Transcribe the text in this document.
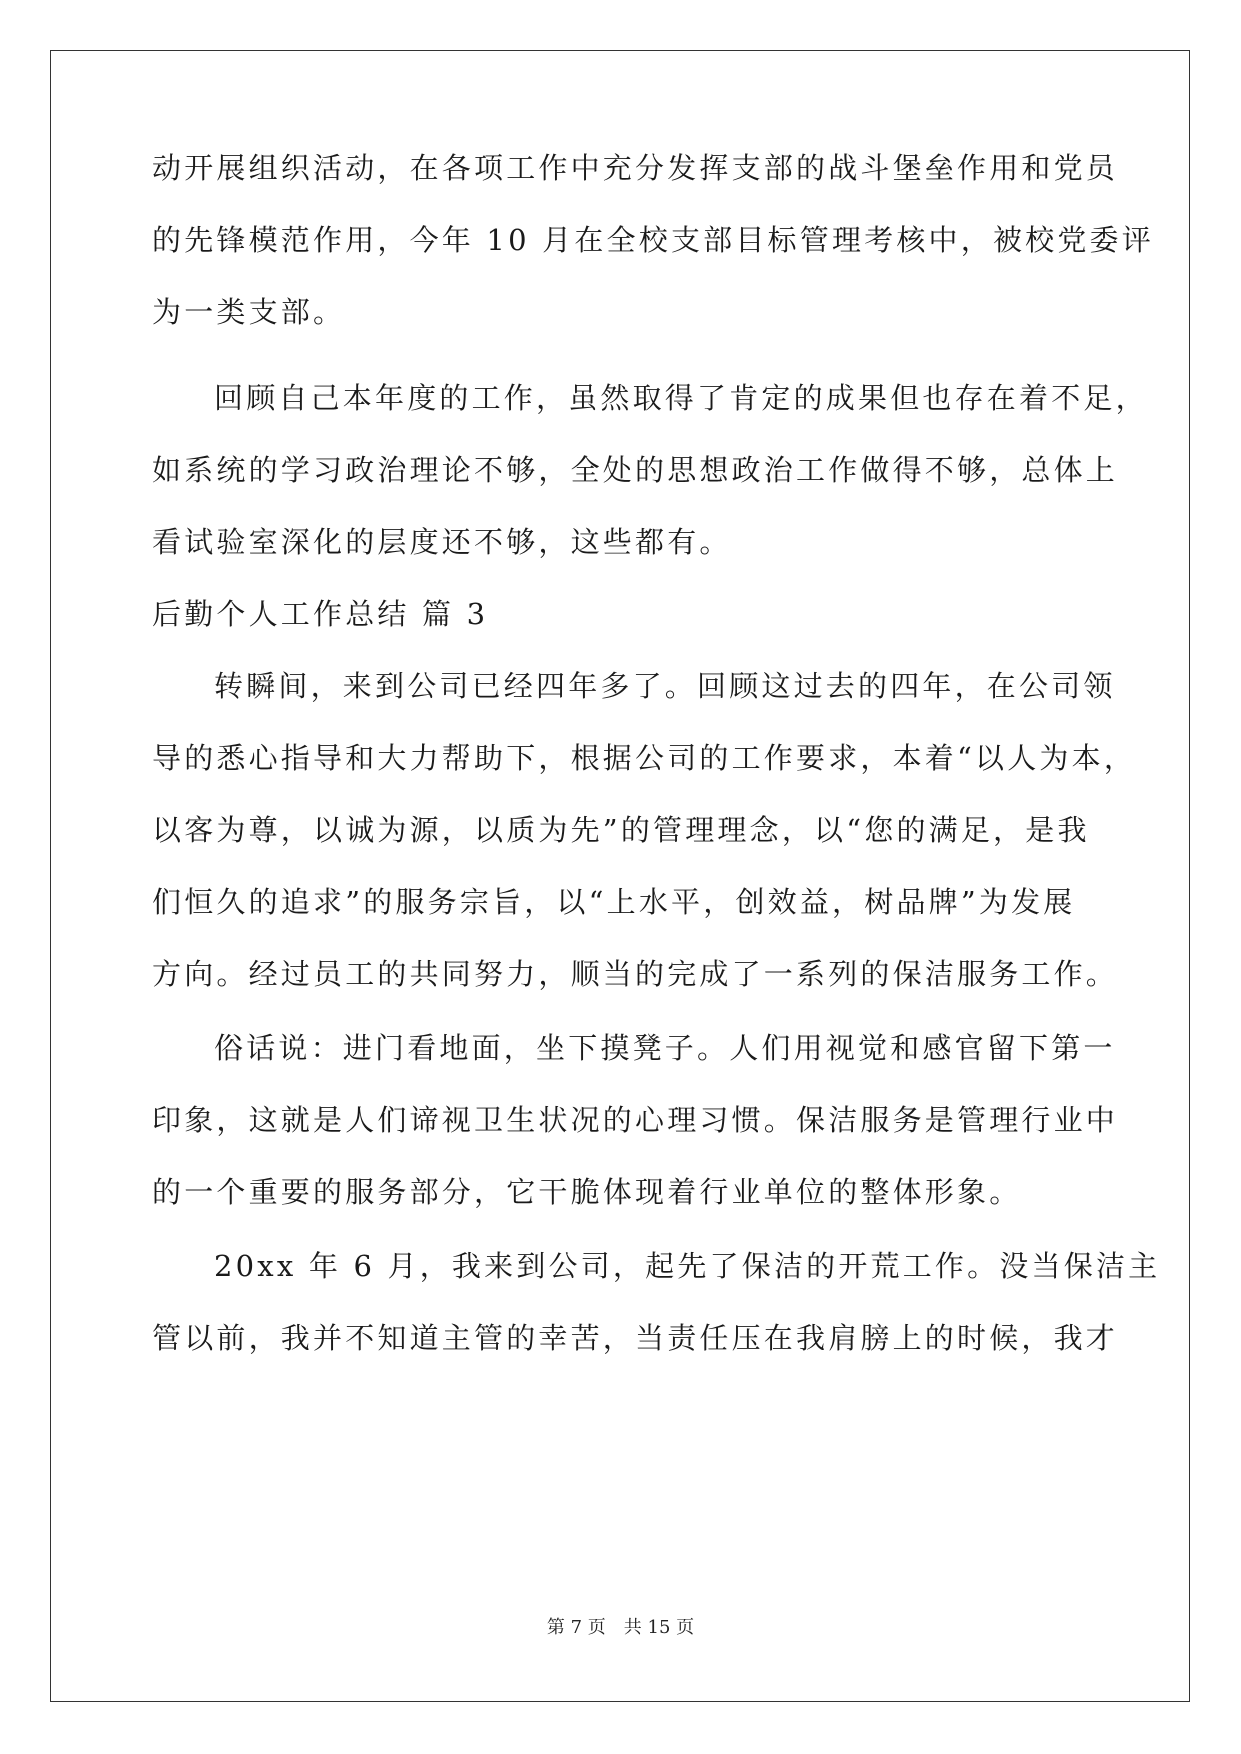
动开展组织活动，在各项工作中充分发挥支部的战斗堡垒作用和党员
的先锋模范作用，今年 10 月在全校支部目标管理考核中，被校党委评
为一类支部。
回顾自己本年度的工作，虽然取得了肯定的成果但也存在着不足，
如系统的学习政治理论不够，全处的思想政治工作做得不够，总体上
看试验室深化的层度还不够，这些都有。
后勤个人工作总结 篇 3
转瞬间，来到公司已经四年多了。回顾这过去的四年，在公司领
导的悉心指导和大力帮助下，根据公司的工作要求，本着“以人为本，
以客为尊，以诚为源，以质为先”的管理理念，以“您的满足，是我
们恒久的追求”的服务宗旨，以“上水平，创效益，树品牌”为发展
方向。经过员工的共同努力，顺当的完成了一系列的保洁服务工作。
俗话说：进门看地面，坐下摸凳子。人们用视觉和感官留下第一
印象，这就是人们谛视卫生状况的心理习惯。保洁服务是管理行业中
的一个重要的服务部分，它干脆体现着行业单位的整体形象。
20xx 年 6 月，我来到公司，起先了保洁的开荒工作。没当保洁主
管以前，我并不知道主管的幸苦，当责任压在我肩膀上的时候，我才
第 7 页 共 15 页
